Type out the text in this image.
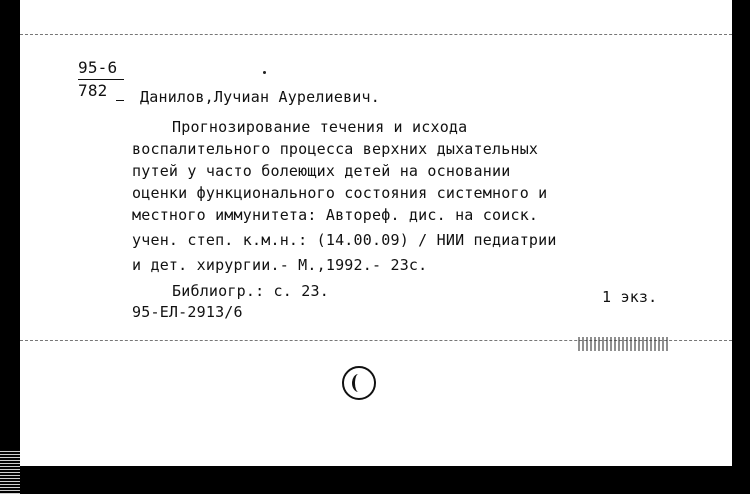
95-6
782 Данилов,Лучиан Аурелиевич.
Прогнозирование течения и исхода
воспалительного процесса верхних дыхательных
путей у часто болеющих детей на основании
оценки функционального состояния системного и
местного иммунитета: Автореф. дис. на соиск.
учен. степ. к.м.н.: (14.00.09) / НИИ педиатрии
и дет. хирургии.- М.,1992.- 23с.
Библиогр.: с. 23.	1 экз.
95-ЕЛ-2913/6
